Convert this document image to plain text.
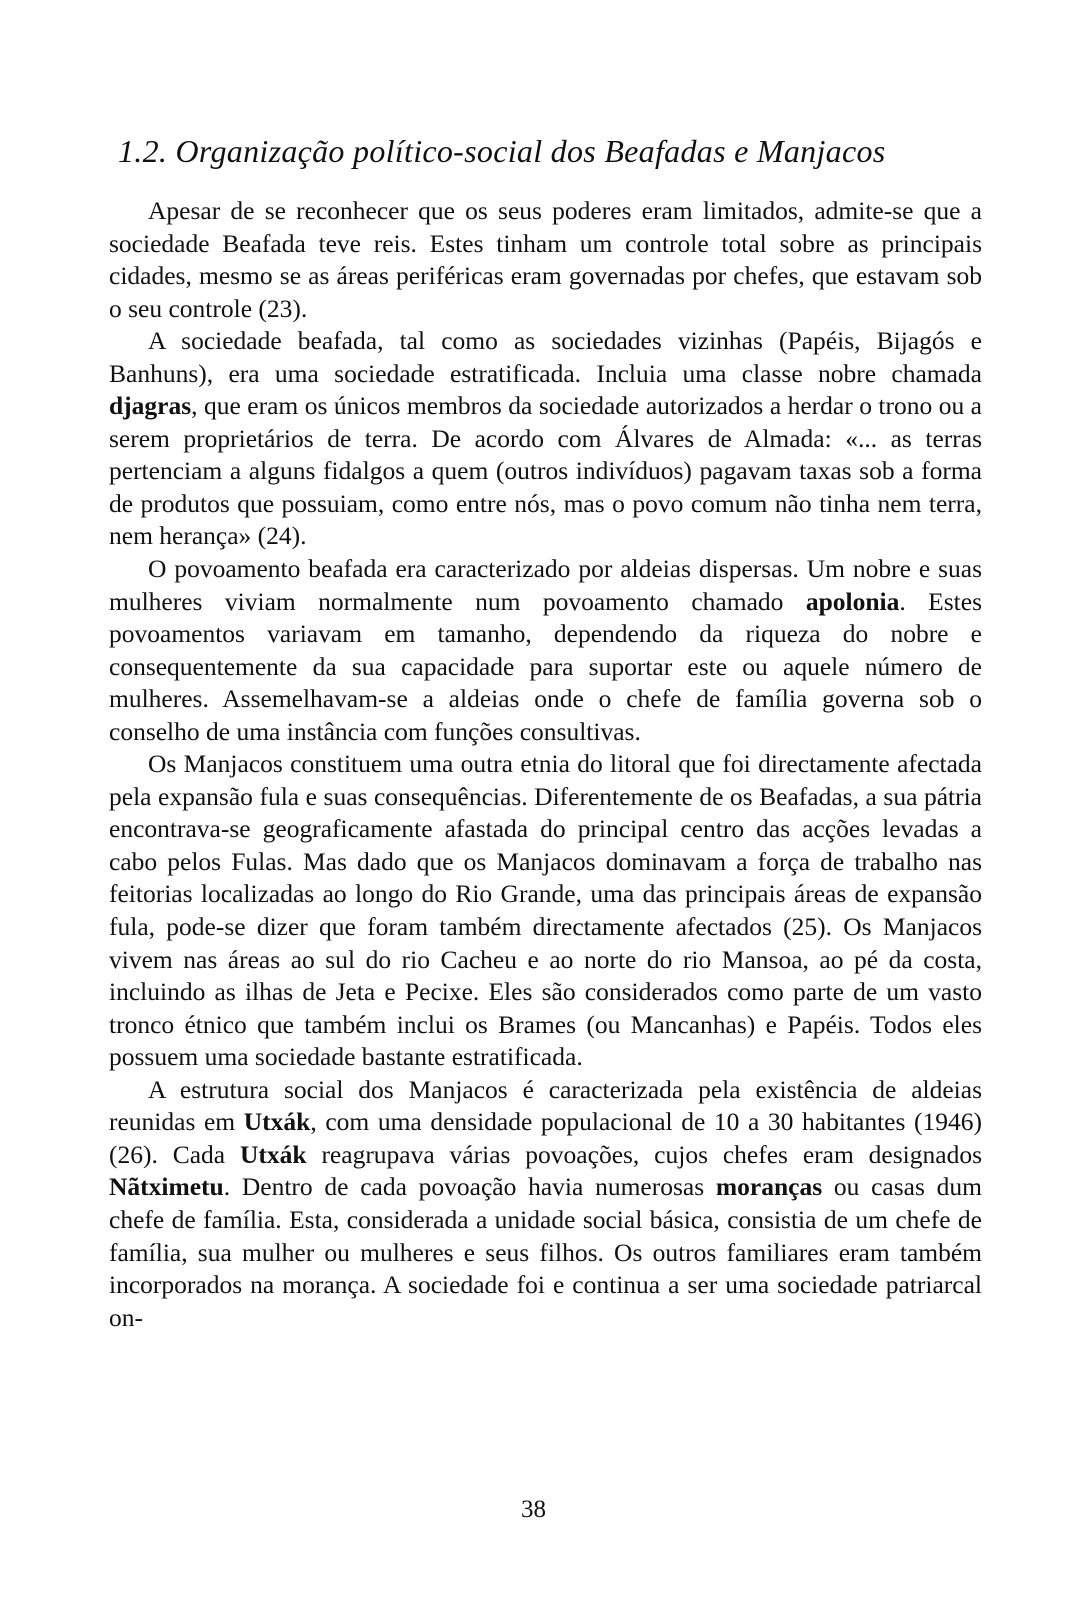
1.2. Organização político-social dos Beafadas e Manjacos

Apesar de se reconhecer que os seus poderes eram limitados, admite-se que a sociedade Beafada teve reis. Estes tinham um controle total sobre as principais cidades, mesmo se as áreas periféricas eram governadas por chefes, que estavam sob o seu controle (23).

A sociedade beafada, tal como as sociedades vizinhas (Papéis, Bijagós e Banhuns), era uma sociedade estratificada. Incluia uma classe nobre chamada djagras, que eram os únicos membros da sociedade autorizados a herdar o trono ou a serem proprietários de terra. De acordo com Álvares de Almada: «... as terras pertenciam a alguns fidalgos a quem (outros indivíduos) pagavam taxas sob a forma de produtos que possuiam, como entre nós, mas o povo comum não tinha nem terra, nem herança» (24).

O povoamento beafada era caracterizado por aldeias dispersas. Um nobre e suas mulheres viviam normalmente num povoamento chamado apolonia. Estes povoamentos variavam em tamanho, dependendo da riqueza do nobre e consequentemente da sua capacidade para suportar este ou aquele número de mulheres. Assemelhavam-se a aldeias onde o chefe de família governa sob o conselho de uma instância com funções consultivas.

Os Manjacos constituem uma outra etnia do litoral que foi directamente afectada pela expansão fula e suas consequências. Diferentemente de os Beafadas, a sua pátria encontrava-se geograficamente afastada do principal centro das acções levadas a cabo pelos Fulas. Mas dado que os Manjacos dominavam a força de trabalho nas feitorias localizadas ao longo do Rio Grande, uma das principais áreas de expansão fula, pode-se dizer que foram também directamente afectados (25). Os Manjacos vivem nas áreas ao sul do rio Cacheu e ao norte do rio Mansoa, ao pé da costa, incluindo as ilhas de Jeta e Pecixe. Eles são considerados como parte de um vasto tronco étnico que também inclui os Brames (ou Mancanhas) e Papéis. Todos eles possuem uma sociedade bastante estratificada.

A estrutura social dos Manjacos é caracterizada pela existência de aldeias reunidas em Utxák, com uma densidade populacional de 10 a 30 habitantes (1946) (26). Cada Utxák reagrupava várias povoações, cujos chefes eram designados Nãtximetu. Dentro de cada povoação havia numerosas moranças ou casas dum chefe de família. Esta, considerada a unidade social básica, consistia de um chefe de família, sua mulher ou mulheres e seus filhos. Os outros familiares eram também incorporados na morança. A sociedade foi e continua a ser uma sociedade patriarcal on-

38
